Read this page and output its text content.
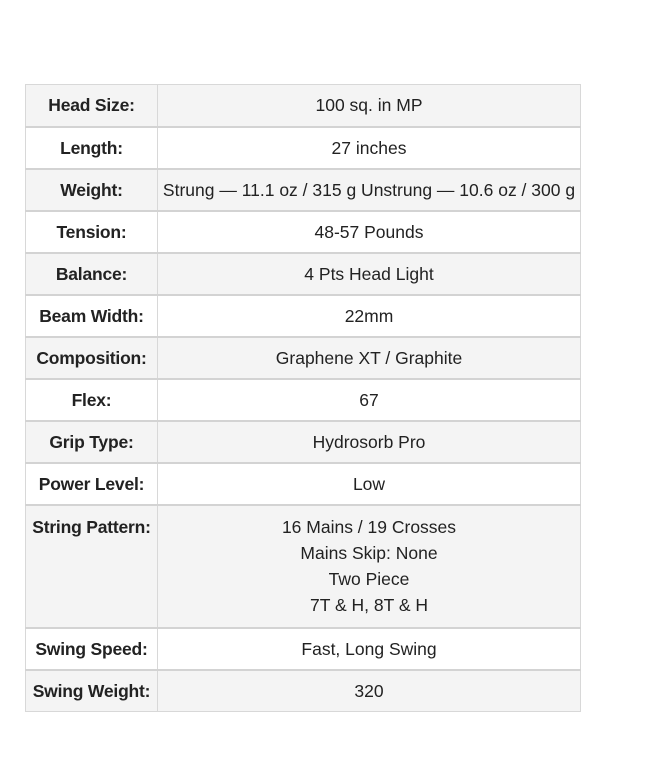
Head Size:	100 sq. in MP
Length:	27 inches
Weight:	Strung — 11.1 oz / 315 g Unstrung — 10.6 oz / 300 g
Tension:	48-57 Pounds
Balance:	4 Pts Head Light
Beam Width:	22mm
Composition:	Graphene XT / Graphite
Flex:	67
Grip Type:	Hydrosorb Pro
Power Level:	Low
String Pattern:	16 Mains / 19 Crosses
Mains Skip: None
Two Piece
7T & H, 8T & H

Swing Speed:	Fast, Long Swing
Swing Weight:	320
